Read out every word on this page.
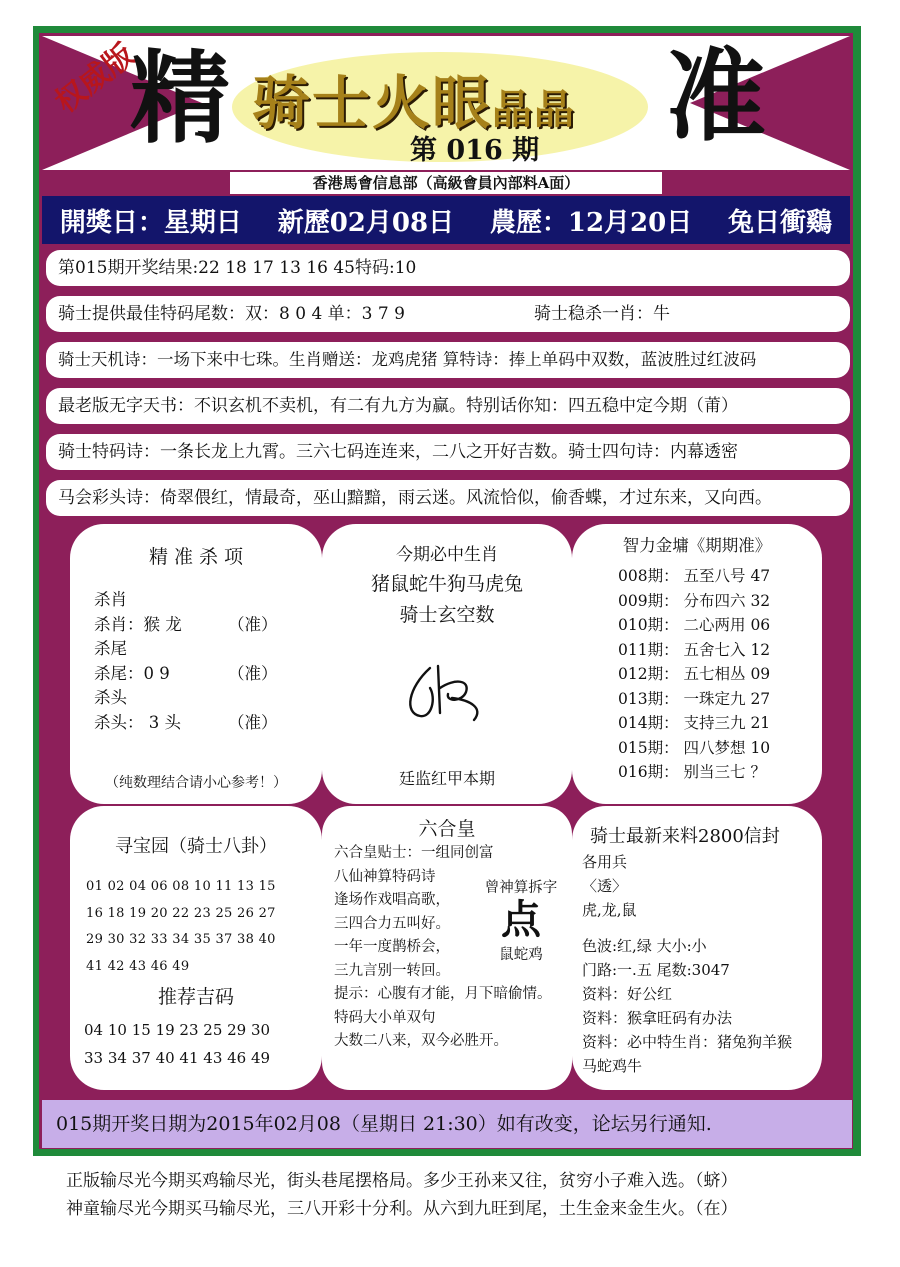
权威版
精	准
骑士火眼晶晶
第 016 期
香港馬會信息部（高級會員內部料A面）
開獎日：星期日 新歷02月08日 農歷：12月20日 兔日衝鷄
第015期开奖结果:22 18 17 13 16 45特码:10
骑士提供最佳特码尾数：双：8 0 4 单：3 7 9	骑士稳杀一肖：牛
骑士天机诗：一场下来中七珠。生肖赠送：龙鸡虎猪 算特诗：捧上单码中双数，蓝波胜过红波码
最老版无字天书：不识玄机不卖机，有二有九方为赢。特别话你知：四五稳中定今期（莆）
骑士特码诗：一条长龙上九霄。三六七码连连来，二八之开好吉数。骑士四句诗：内幕透密
马会彩头诗：倚翠偎红，情最奇，巫山黯黯，雨云迷。风流恰似，偷香蝶，才过东来，又向西。
精 准 杀 项
杀肖
杀肖：猴 龙	（准）
杀尾
杀尾：0 9	（准）
杀头
杀头： 3 头	（准）
（纯数理结合请小心参考！）
今期必中生肖
猪鼠蛇牛狗马虎兔
骑士玄空数
廷监红甲本期
智力金墉《期期准》
008期： 五至八号 47
009期： 分布四六 32
010期： 二心两用 06
011期： 五舍七入 12
012期： 五七相丛 09
013期： 一珠定九 27
014期： 支持三九 21
015期： 四八梦想 10
016期： 别当三七 ？
寻宝园（骑士八卦）
01 02 04 06 08 10 11 13 15
16 18 19 20 22 23 25 26 27
29 30 32 33 34 35 37 38 40
41 42 43 46 49
推荐吉码
04 10 15 19 23 25 29 30
33 34 37 40 41 43 46 49
六合皇
六合皇贴士：一组同创富
八仙神算特码诗
逢场作戏唱高歌，
三四合力五叫好。
一年一度鹊桥会，
三九言别一转回。
提示：心腹有才能，月下暗偷情。
特码大小单双句
大数二八来，双今必胜开。
曾神算拆字
点
鼠蛇鸡
骑士最新来料2800信封
各用兵
〈透〉
虎,龙,鼠
色波:红,绿 大小:小
门路:一.五 尾数:3047
资料：好公红
资料：猴拿旺码有办法
资料：必中特生肖：猪兔狗羊猴
马蛇鸡牛
015期开奖日期为2015年02月08（星期日 21:30）如有改变，论坛另行通知.
正版输尽光今期买鸡输尽光，街头巷尾摆格局。多少王孙来又往，贫穷小子难入选。（蛴）
神童输尽光今期买马输尽光，三八开彩十分利。从六到九旺到尾，土生金来金生火。（在）
